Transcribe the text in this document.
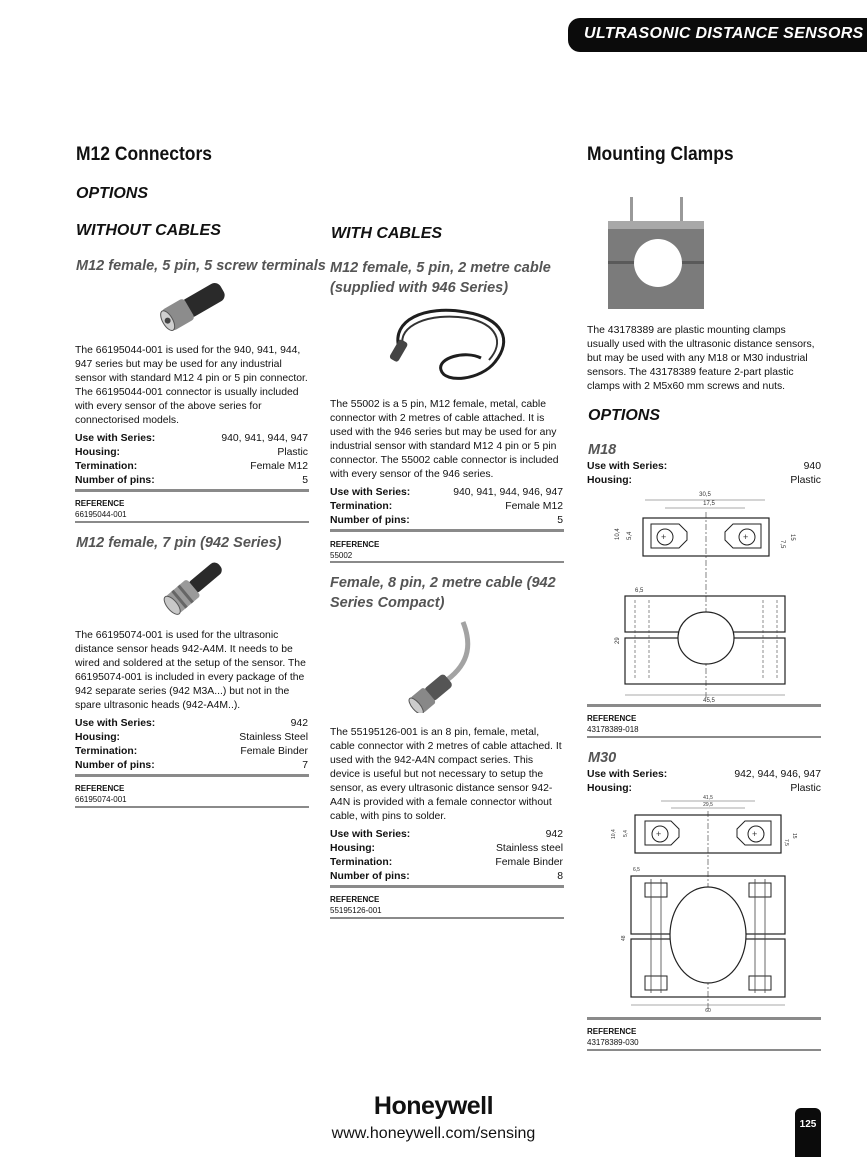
ULTRASONIC DISTANCE SENSORS
M12 Connectors
OPTIONS
WITHOUT CABLES
M12 female, 5 pin, 5 screw terminals
The 66195044-001 is used for the 940, 941, 944, 947 series but may be used for any industrial sensor with standard M12 4 pin or 5 pin connector. The 66195044-001 connector is usually included with every sensor of the above series for connectorised models.
Use with Series:	940, 941, 944, 947
Housing:	Plastic
Termination:	Female M12
Number of pins:	5
REFERENCE
66195044-001
M12 female, 7 pin (942 Series)
The 66195074-001 is used for the ultrasonic distance sensor heads 942-A4M. It needs to be wired and soldered at the setup of the sensor. The 66195074-001 is included in every package of the 942 separate series (942 M3A...) but not in the spare ultrasonic heads (942-A4M..).
Use with Series:	942
Housing:	Stainless Steel
Termination:	Female Binder
Number of pins:	7
REFERENCE
66195074-001
WITH CABLES
M12 female, 5 pin, 2 metre cable (supplied with 946 Series)
The 55002 is a 5 pin, M12 female, metal, cable connector with 2 metres of cable attached. It is used with the 946 series but may be used for any industrial sensor with standard M12 4 pin or 5 pin connector. The 55002 cable connector is included with every sensor of the 946 series.
Use with Series:	940, 941, 944, 946, 947
Termination:	Female M12
Number of pins:	5
REFERENCE
55002
Female, 8 pin, 2 metre cable (942 Series Compact)
The 55195126-001 is an 8 pin, female, metal, cable connector with 2 metres of cable attached. It used with the 942-A4N compact series. This device is useful but not necessary to setup the sensor, as every ultrasonic distance sensor 942-A4N is provided with a female connector without cable, with pins to solder.
Use with Series:	942
Housing:	Stainless steel
Termination:	Female Binder
Number of pins:	8
REFERENCE
55195126-001
Mounting Clamps
The 43178389 are plastic mounting clamps usually used with the ultrasonic distance sensors, but may be used with any M18 or M30 industrial sensors. The 43178389 feature 2-part plastic clamps with 2 M5x60 mm screws and nuts.
OPTIONS
M18
Use with Series:	940
Housing:	Plastic
30,5
17,5
+	+
10,4 5,4
7,5
15
6,5
29
45,5
REFERENCE
43178389-018
M30
Use with Series:	942, 944, 946, 947
Housing:	Plastic
41,5
29,5
+	+
10,4 5,4
7,5
15
6,5
48
60
REFERENCE
43178389-030
Honeywell
www.honeywell.com/sensing
125
